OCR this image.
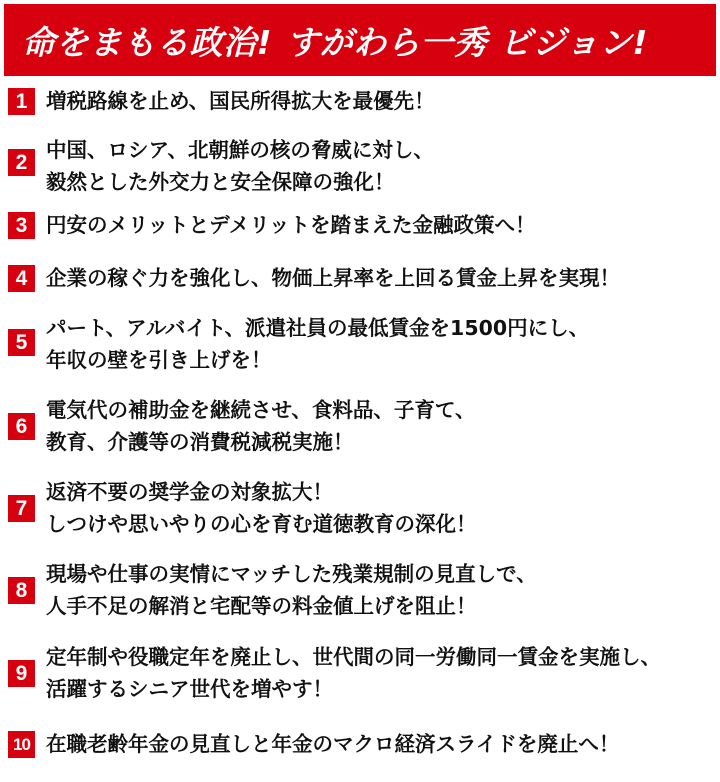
命をまもる政治! すがわら一秀 ビジョン!
1 増税路線を止め、国民所得拡大を最優先！
2
中国、ロシア、北朝鮮の核の脅威に対し、
毅然とした外交力と安全保障の強化！
3 円安のメリットとデメリットを踏まえた金融政策へ！
4 企業の稼ぐ力を強化し、物価上昇率を上回る賃金上昇を実現！
5
パート、アルバイト、派遣社員の最低賃金を1500円にし、
年収の壁を引き上げを！
6
電気代の補助金を継続させ、食料品、子育て、
教育、介護等の消費税減税実施！
7
返済不要の奨学金の対象拡大！
しつけや思いやりの心を育む道徳教育の深化！
8
現場や仕事の実情にマッチした残業規制の見直しで、
人手不足の解消と宅配等の料金値上げを阻止！
9
定年制や役職定年を廃止し、世代間の同一労働同一賃金を実施し、
活躍するシニア世代を増やす！
10 在職老齢年金の見直しと年金のマクロ経済スライドを廃止へ！
